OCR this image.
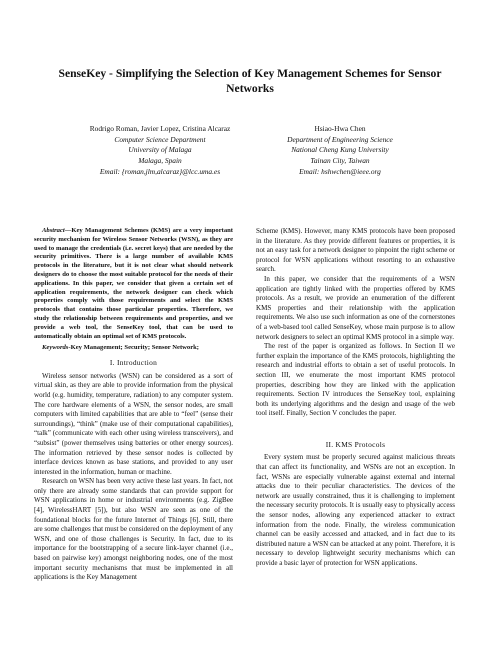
SenseKey - Simplifying the Selection of Key Management Schemes for Sensor Networks
Rodrigo Roman, Javier Lopez, Cristina Alcaraz
Computer Science Department
University of Malaga
Malaga, Spain
Email: {roman,jlm,alcaraz}@lcc.uma.es
Hsiao-Hwa Chen
Department of Engineering Science
National Cheng Kung University
Tainan City, Taiwan
Email: hshwchen@ieee.org

Abstract—Key Management Schemes (KMS) are a very important security mechanism for Wireless Sensor Networks (WSN), as they are used to manage the credentials (i.e. secret keys) that are needed by the security primitives. There is a large number of available KMS protocols in the literature, but it is not clear what should network designers do to choose the most suitable protocol for the needs of their applications. In this paper, we consider that given a certain set of application requirements, the network designer can check which properties comply with those requirements and select the KMS protocols that contains those particular properties. Therefore, we study the relationship between requirements and properties, and we provide a web tool, the SenseKey tool, that can be used to automatically obtain an optimal set of KMS protocols.

Keywords-Key Management; Security; Sensor Network;

I. Introduction

Wireless sensor networks (WSN) can be considered as a sort of virtual skin, as they are able to provide information from the physical world (e.g. humidity, temperature, radiation) to any computer system. The core hardware elements of a WSN, the sensor nodes, are small computers with limited capabilities that are able to “feel” (sense their surroundings), “think” (make use of their computational capabilities), “talk” (communicate with each other using wireless transceivers), and “subsist” (power themselves using batteries or other energy sources). The information retrieved by these sensor nodes is collected by interface devices known as base stations, and provided to any user interested in the information, human or machine.

Research on WSN has been very active these last years. In fact, not only there are already some standards that can provide support for WSN applications in home or industrial environments (e.g. ZigBee [4], WirelessHART [5]), but also WSN are seen as one of the foundational blocks for the future Internet of Things [6]. Still, there are some challenges that must be considered on the deployment of any WSN, and one of those challenges is Security. In fact, due to its importance for the bootstrapping of a secure link-layer channel (i.e., based on pairwise key) amongst neighboring nodes, one of the most important security mechanisms that must be implemented in all applications is the Key Management

Scheme (KMS). However, many KMS protocols have been proposed in the literature. As they provide different features or properties, it is not an easy task for a network designer to pinpoint the right scheme or protocol for WSN applications without resorting to an exhaustive search.

In this paper, we consider that the requirements of a WSN application are tightly linked with the properties offered by KMS protocols. As a result, we provide an enumeration of the different KMS properties and their relationship with the application requirements. We also use such information as one of the cornerstones of a web-based tool called SenseKey, whose main purpose is to allow network designers to select an optimal KMS protocol in a simple way.

The rest of the paper is organized as follows. In Section II we further explain the importance of the KMS protocols, highlighting the research and industrial efforts to obtain a set of useful protocols. In section III, we enumerate the most important KMS protocol properties, describing how they are linked with the application requirements. Section IV introduces the SenseKey tool, explaining both its underlying algorithms and the design and usage of the web tool itself. Finally, Section V concludes the paper.

II. KMS Protocols

Every system must be properly secured against malicious threats that can affect its functionality, and WSNs are not an exception. In fact, WSNs are especially vulnerable against external and internal attacks due to their peculiar characteristics. The devices of the network are usually constrained, thus it is challenging to implement the necessary security protocols. It is usually easy to physically access the sensor nodes, allowing any experienced attacker to extract information from the node. Finally, the wireless communication channel can be easily accessed and attacked, and in fact due to its distributed nature a WSN can be attacked at any point. Therefore, it is necessary to develop lightweight security mechanisms which can provide a basic layer of protection for WSN applications.
